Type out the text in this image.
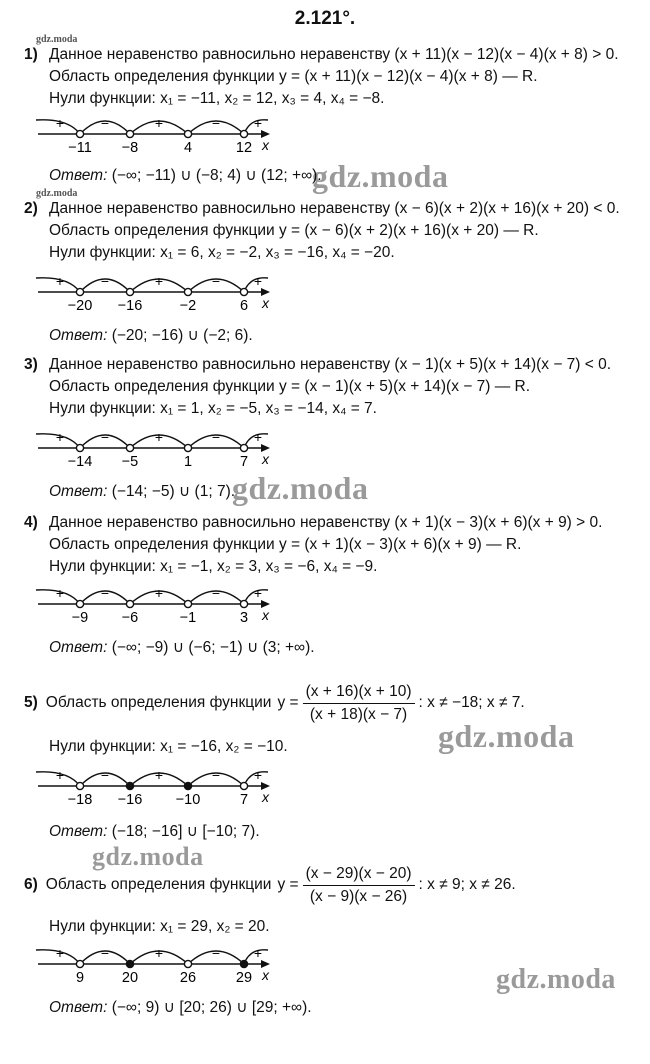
2.121°.
gdz.moda
gdz.moda	gdz.moda
gdz.moda
gdz.moda
gdz.moda
gdz.moda
1) Данное неравенство равносильно неравенству (x + 11)(x − 12)(x − 4)(x + 8) > 0.
Область определения функции y = (x + 11)(x − 12)(x − 4)(x + 8) — R.
Нули функции: x₁ = −11, x₂ = 12, x₃ = 4, x₄ = −8.
x
+	−	+	− +
−11 −8	4	12
Ответ: (−∞; −11) ∪ (−8; 4) ∪ (12; +∞).
2) Данное неравенство равносильно неравенству (x − 6)(x + 2)(x + 16)(x + 20) < 0.
Область определения функции y = (x − 6)(x + 2)(x + 16)(x + 20) — R.
Нули функции: x₁ = 6, x₂ = −2, x₃ = −16, x₄ = −20.
x
+	−	+	− +
−20 −16	−2	6
Ответ: (−20; −16) ∪ (−2; 6).
3) Данное неравенство равносильно неравенству (x − 1)(x + 5)(x + 14)(x − 7) < 0.
Область определения функции y = (x − 1)(x + 5)(x + 14)(x − 7) — R.
Нули функции: x₁ = 1, x₂ = −5, x₃ = −14, x₄ = 7.
x
+	−	+	− +
−14 −5	1	7
Ответ: (−14; −5) ∪ (1; 7).
4) Данное неравенство равносильно неравенству (x + 1)(x − 3)(x + 6)(x + 9) > 0.
Область определения функции y = (x + 1)(x − 3)(x + 6)(x + 9) — R.
Нули функции: x₁ = −1, x₂ = 3, x₃ = −6, x₄ = −9.
x
+	−	+	− +
−9 −6	−1	3
Ответ: (−∞; −9) ∪ (−6; −1) ∪ (3; +∞).
5) Область определения функции $y = \frac{(x + 16)(x + 10)}{(x + 18)(x - 7)}$ : x ≠ −18; x ≠ 7.
Нули функции: x₁ = −16, x₂ = −10.
x
+	−	+	− +
−18 −16 −10	7
Ответ: (−18; −16] ∪ [−10; 7).
6) Область определения функции $y = \frac{(x - 29)(x - 20)}{(x - 9)(x - 26)}$ : x ≠ 9; x ≠ 26.
Нули функции: x₁ = 29, x₂ = 20.
x
+	−	+	− +
9	20	26	29
Ответ: (−∞; 9) ∪ [20; 26) ∪ [29; +∞).
